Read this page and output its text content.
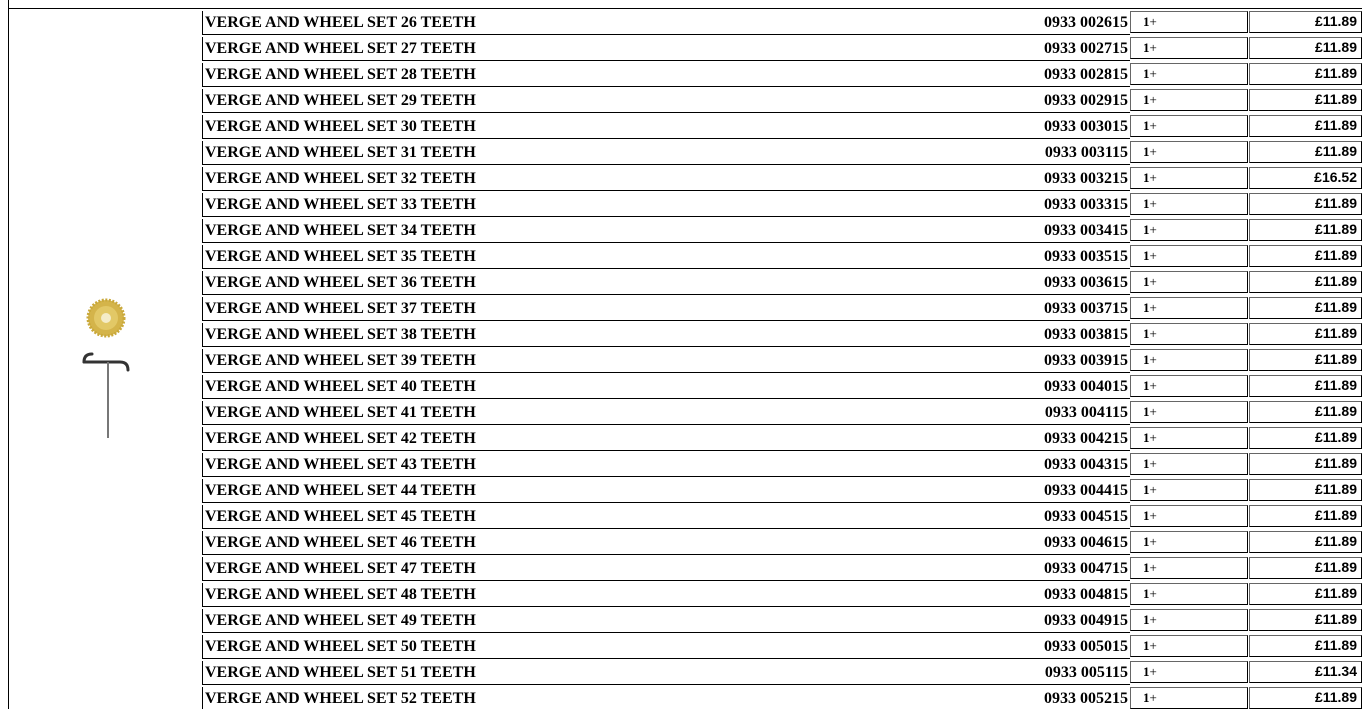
VERGE AND WHEEL SET 26 TEETH	0933 002615	1+	£11.89
VERGE AND WHEEL SET 27 TEETH	0933 002715	1+	£11.89
VERGE AND WHEEL SET 28 TEETH	0933 002815	1+	£11.89
VERGE AND WHEEL SET 29 TEETH	0933 002915	1+	£11.89
VERGE AND WHEEL SET 30 TEETH	0933 003015	1+	£11.89
VERGE AND WHEEL SET 31 TEETH	0933 003115	1+	£11.89
VERGE AND WHEEL SET 32 TEETH	0933 003215	1+	£16.52
VERGE AND WHEEL SET 33 TEETH	0933 003315	1+	£11.89
VERGE AND WHEEL SET 34 TEETH	0933 003415	1+	£11.89
VERGE AND WHEEL SET 35 TEETH	0933 003515	1+	£11.89
VERGE AND WHEEL SET 36 TEETH	0933 003615	1+	£11.89
VERGE AND WHEEL SET 37 TEETH	0933 003715	1+	£11.89
VERGE AND WHEEL SET 38 TEETH	0933 003815	1+	£11.89
VERGE AND WHEEL SET 39 TEETH	0933 003915	1+	£11.89
VERGE AND WHEEL SET 40 TEETH	0933 004015	1+	£11.89
VERGE AND WHEEL SET 41 TEETH	0933 004115	1+	£11.89
VERGE AND WHEEL SET 42 TEETH	0933 004215	1+	£11.89
VERGE AND WHEEL SET 43 TEETH	0933 004315	1+	£11.89
VERGE AND WHEEL SET 44 TEETH	0933 004415	1+	£11.89
VERGE AND WHEEL SET 45 TEETH	0933 004515	1+	£11.89
VERGE AND WHEEL SET 46 TEETH	0933 004615	1+	£11.89
VERGE AND WHEEL SET 47 TEETH	0933 004715	1+	£11.89
VERGE AND WHEEL SET 48 TEETH	0933 004815	1+	£11.89
VERGE AND WHEEL SET 49 TEETH	0933 004915	1+	£11.89
VERGE AND WHEEL SET 50 TEETH	0933 005015	1+	£11.89
VERGE AND WHEEL SET 51 TEETH	0933 005115	1+	£11.34
VERGE AND WHEEL SET 52 TEETH	0933 005215	1+	£11.89
